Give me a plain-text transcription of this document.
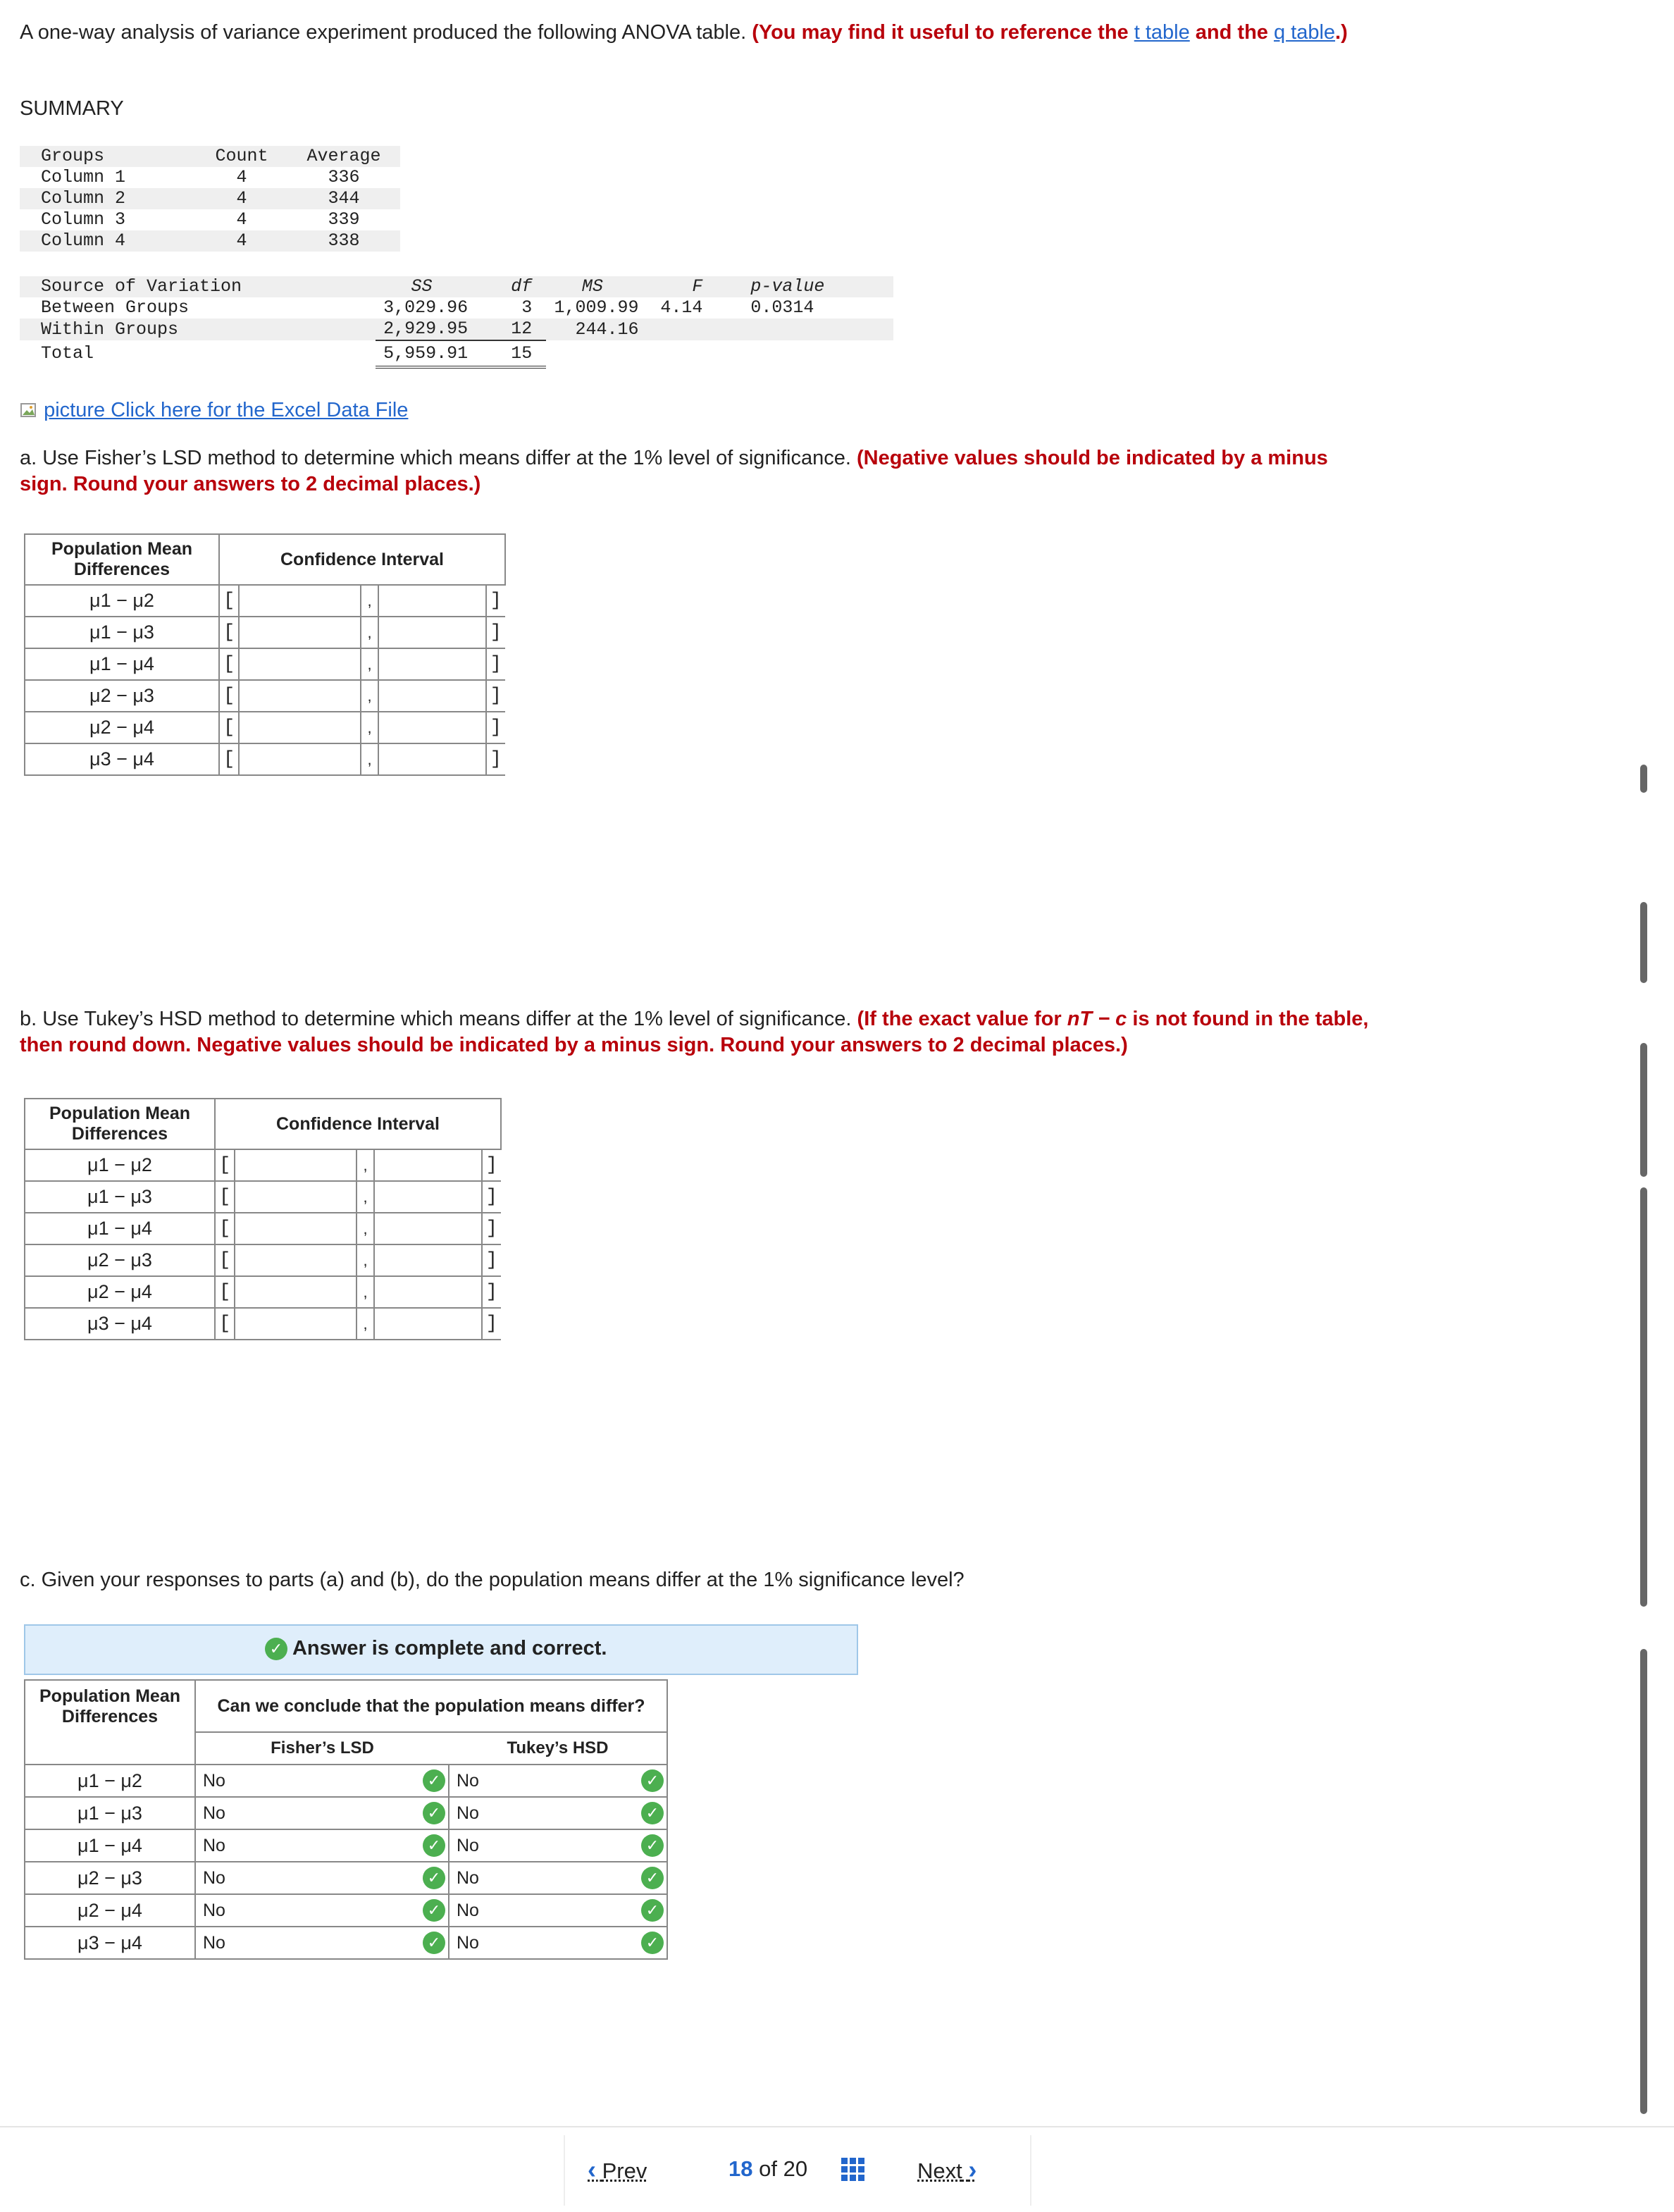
A one-way analysis of variance experiment produced the following ANOVA table. (You may find it useful to reference the t table and the q table.)
SUMMARY
Groups	Count	Average
Column 1	4	336
Column 2	4	344
Column 3	4	339
Column 4	4	338
Source of Variation	SS	df	MS	F	p-value
Between Groups	3,029.96	3	1,009.99	4.14	0.0314
Within Groups	2,929.95	12	244.16		
Total	5,959.91	15			
picture Click here for the Excel Data File
a. Use Fisher’s LSD method to determine which means differ at the 1% level of significance. (Negative values should be indicated by a minus sign. Round your answers to 2 decimal places.)
Population Mean Differences	Confidence Interval				
μ1 − μ2	[		,		]
μ1 − μ3	[		,		]
μ1 − μ4	[		,		]
μ2 − μ3	[		,		]
μ2 − μ4	[		,		]
μ3 − μ4	[		,		]
b. Use Tukey’s HSD method to determine which means differ at the 1% level of significance. (If the exact value for nT − c is not found in the table, then round down. Negative values should be indicated by a minus sign. Round your answers to 2 decimal places.)
Population Mean Differences	Confidence Interval				
μ1 − μ2	[		,		]
μ1 − μ3	[		,		]
μ1 − μ4	[		,		]
μ2 − μ3	[		,		]
μ2 − μ4	[		,		]
μ3 − μ4	[		,		]
c. Given your responses to parts (a) and (b), do the population means differ at the 1% significance level?
✓ Answer is complete and correct.
Population Mean Differences	Can we conclude that the population means differ?			
	Fisher’s LSD		Tukey’s HSD	
μ1 − μ2	No	✓	No	✓
μ1 − μ3	No	✓	No	✓
μ1 − μ4	No	✓	No	✓
μ2 − μ3	No	✓	No	✓
μ2 − μ4	No	✓	No	✓
μ3 − μ4	No	✓	No	✓
‹ Prev	18 of 20	Next ›
